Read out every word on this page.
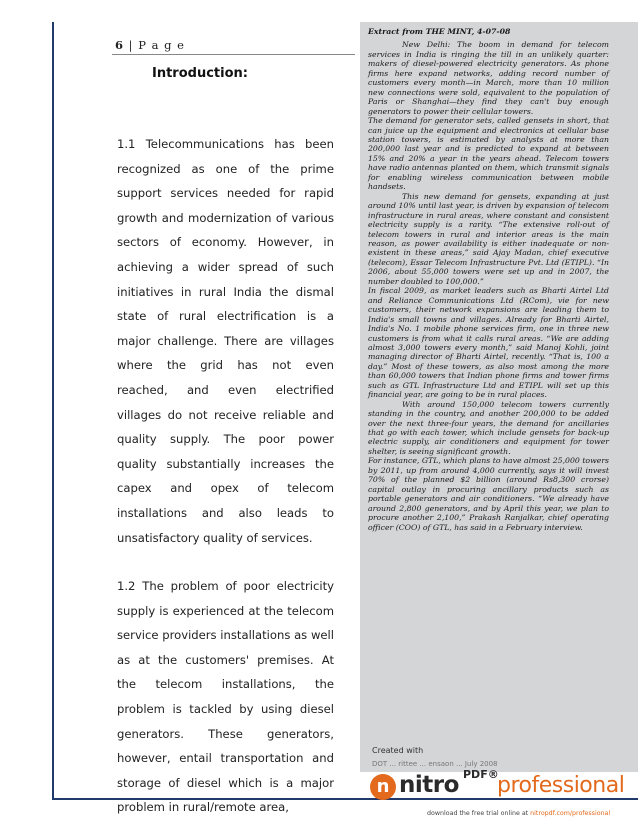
6 | P a g e
Introduction:

1.1 Telecommunications has been recognized as one of the prime support services needed for rapid growth and modernization of various sectors of economy. However, in achieving a wider spread of such initiatives in rural India the dismal state of rural electrification is a major challenge. There are villages where the grid has not even reached, and even electrified villages do not receive reliable and quality supply. The poor power quality substantially increases the capex and opex of telecom installations and also leads to unsatisfactory quality of services.

1.2 The problem of poor electricity supply is experienced at the telecom service providers installations as well as at the customers' premises. At the telecom installations, the problem is tackled by using diesel generators. These generators, however, entail transportation and storage of diesel which is a major problem in rural/remote area,

Extract from THE MINT, 4-07-08

New Delhi: The boom in demand for telecom services in India is ringing the till in an unlikely quarter: makers of diesel-powered electricity generators. As phone firms here expand networks, adding record number of customers every month—in March, more than 10 million new connections were sold, equivalent to the population of Paris or Shanghai—they find they can't buy enough generators to power their cellular towers.

The demand for generator sets, called gensets in short, that can juice up the equipment and electronics at cellular base station towers, is estimated by analysts at more than 200,000 last year and is predicted to expand at between 15% and 20% a year in the years ahead. Telecom towers have radio antennas planted on them, which transmit signals for enabling wireless communication between mobile handsets.

This new demand for gensets, expanding at just around 10% until last year, is driven by expansion of telecom infrastructure in rural areas, where constant and consistent electricity supply is a rarity. “The extensive roll-out of telecom towers in rural and interior areas is the main reason, as power availability is either inadequate or non-existent in these areas,” said Ajay Madan, chief executive (telecom), Essar Telecom Infrastructure Pvt. Ltd (ETIPL). “In 2006, about 55,000 towers were set up and in 2007, the number doubled to 100,000.”

In fiscal 2009, as market leaders such as Bharti Airtel Ltd and Reliance Communications Ltd (RCom), vie for new customers, their network expansions are leading them to India's small towns and villages. Already for Bharti Airtel, India's No. 1 mobile phone services firm, one in three new customers is from what it calls rural areas. “We are adding almost 3,000 towers every month,” said Manoj Kohli, joint managing director of Bharti Airtel, recently. “That is, 100 a day.” Most of these towers, as also most among the more than 60,000 towers that Indian phone firms and tower firms such as GTL Infrastructure Ltd and ETIPL will set up this financial year, are going to be in rural places.

With around 150,000 telecom towers currently standing in the country, and another 200,000 to be added over the next three-four years, the demand for ancillaries that go with each tower, which include gensets for back-up electric supply, air conditioners and equipment for tower shelter, is seeing significant growth.

For instance, GTL, which plans to have almost 25,000 towers by 2011, up from around 4,000 currently, says it will invest 70% of the planned $2 billion (around Rs8,300 crorse) capital outlay in procuring ancillary products such as portable generators and air conditioners. “We already have around 2,800 generators, and by April this year, we plan to procure another 2,100,” Prakash Ranjalkar, chief operating officer (COO) of GTL, has said in a February interview.

Created with
DOT ... rittee ... ensaon ... July 2008
n nitro PDF®
professional
download the free trial online at nitropdf.com/professional
